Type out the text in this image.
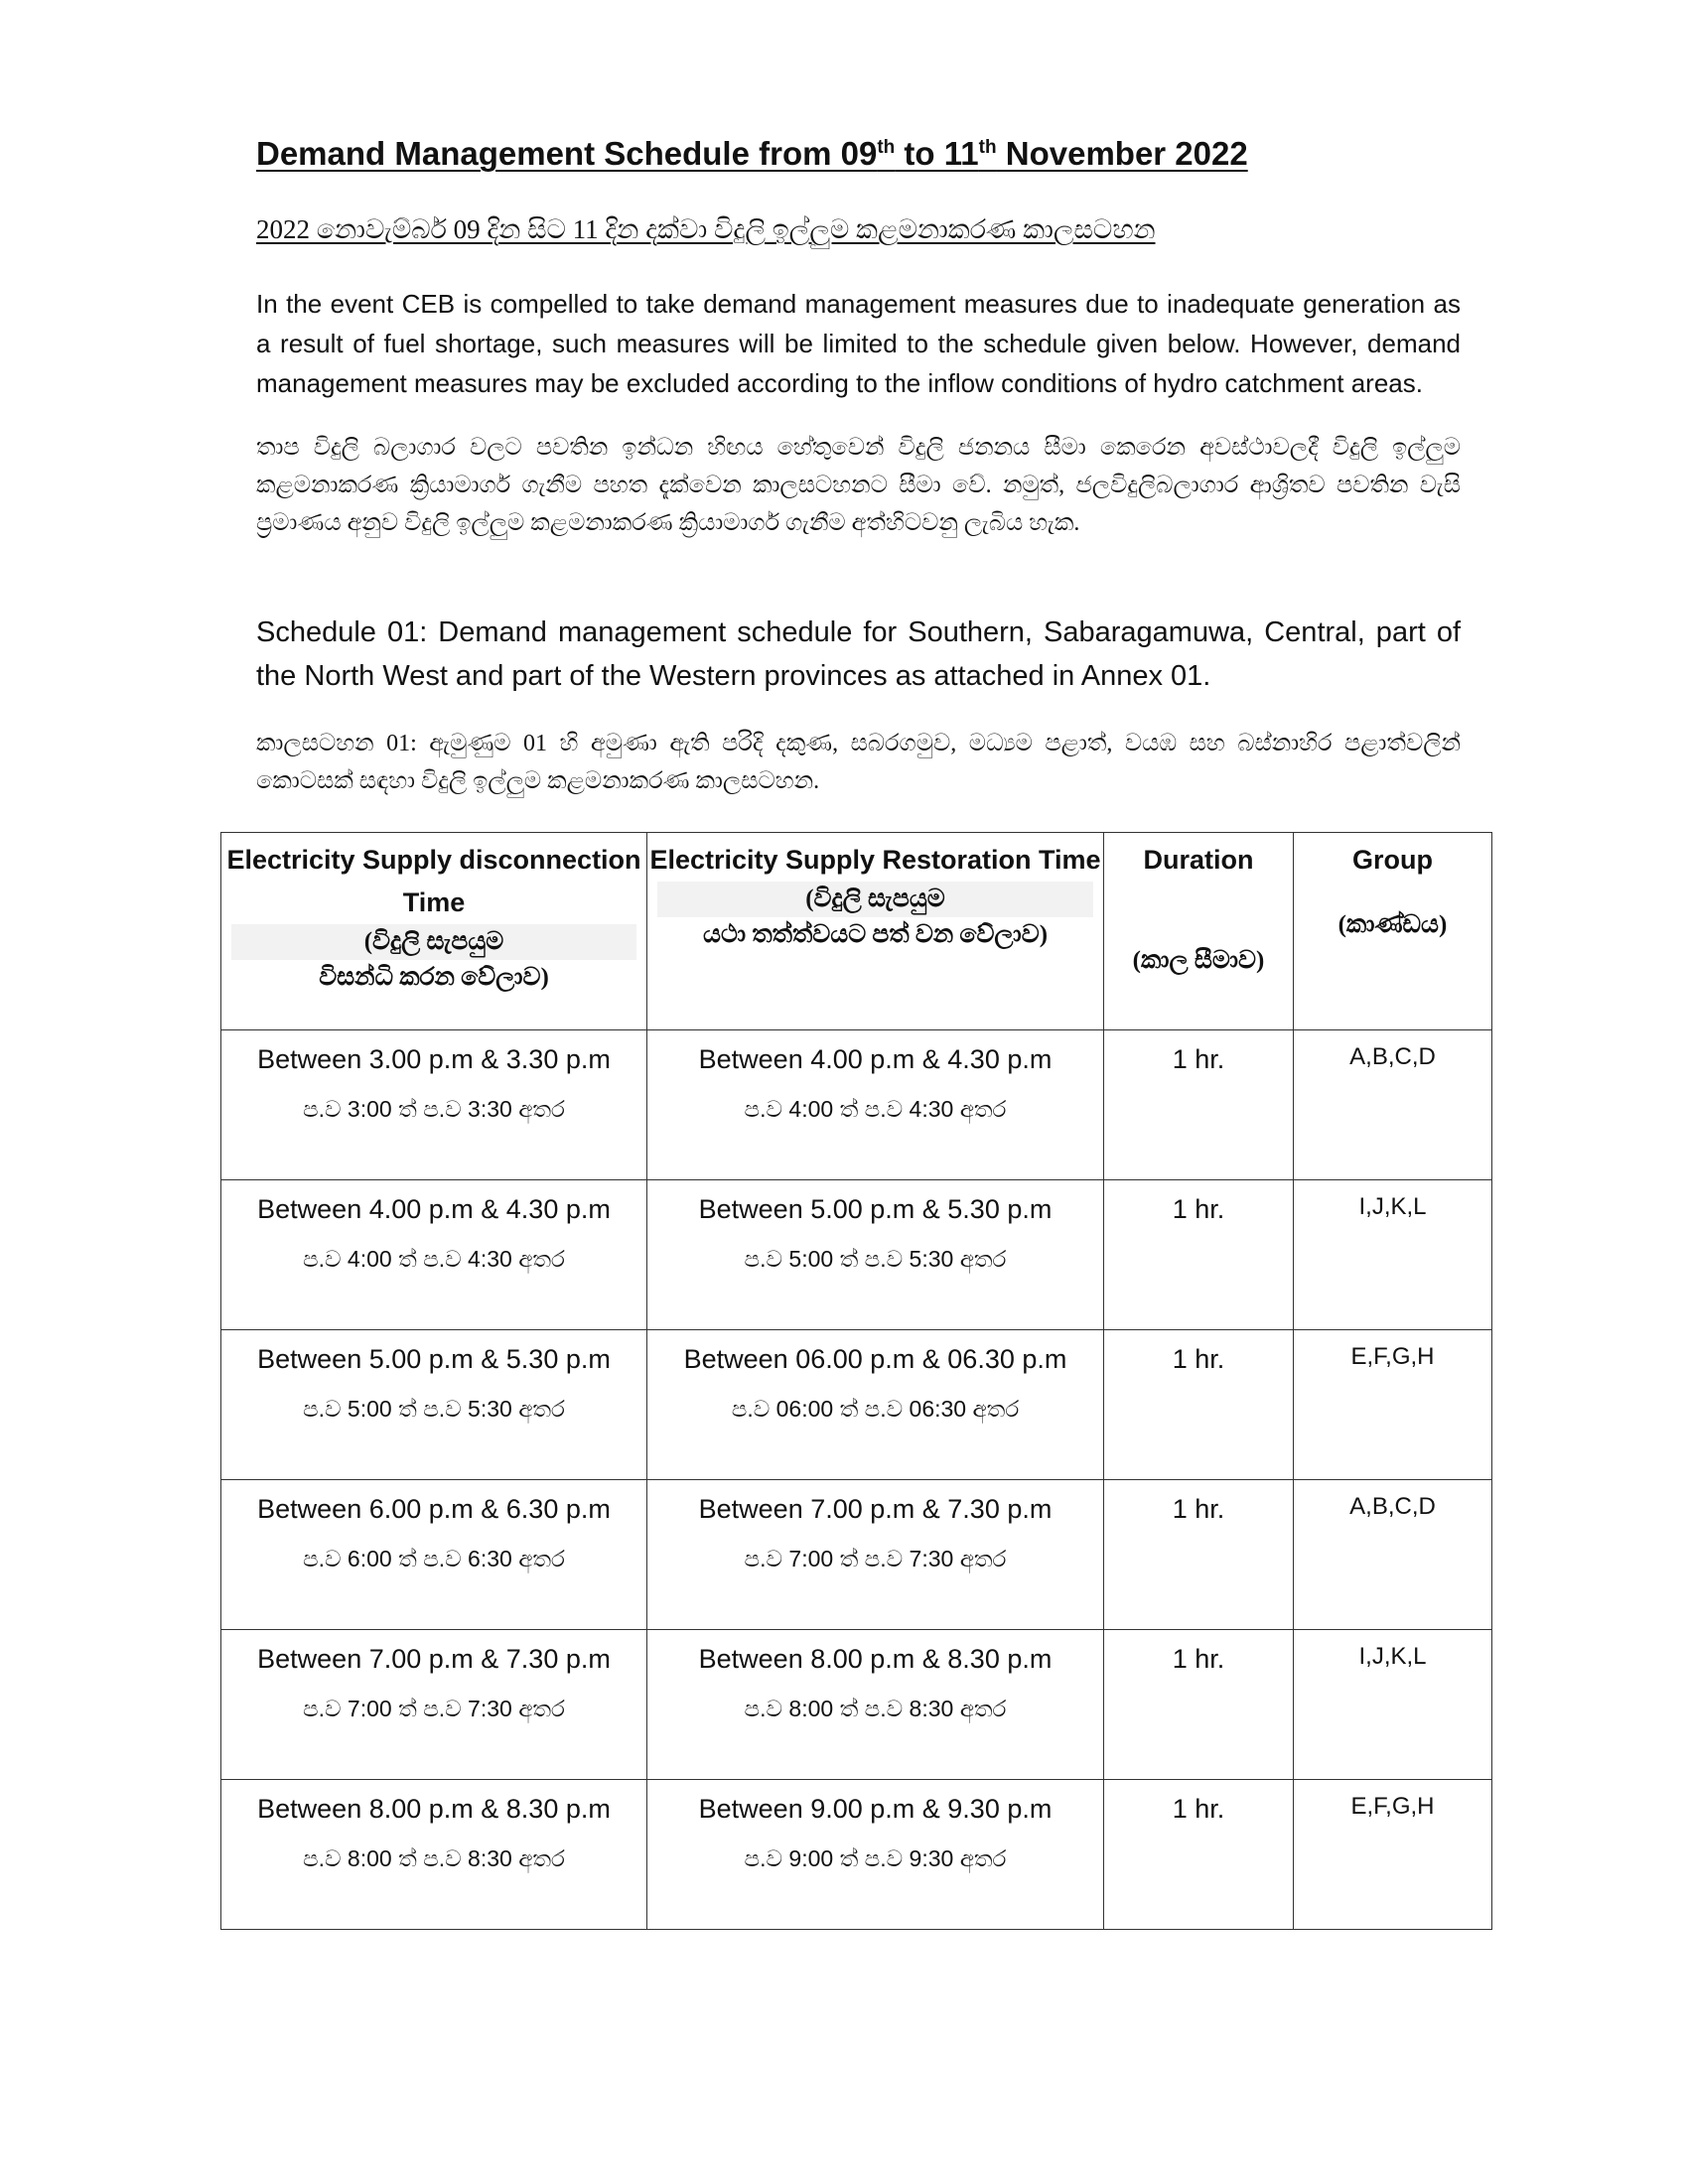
Demand Management Schedule from 09th to 11th November 2022
2022 නොවැම්බර් 09 දින සිට 11 දින දක්වා විදුලි ඉල්ලුම කළමනාකරණ කාලසටහන

In the event CEB is compelled to take demand management measures due to inadequate generation as a result of fuel shortage, such measures will be limited to the schedule given below. However, demand management measures may be excluded according to the inflow conditions of hydro catchment areas.

තාප විදුලි බලාගාර වලට පවතින ඉන්ධන හිඟය හේතුවෙන් විදුලි ජනනය සීමා කෙරෙන අවස්ථාවලදී විදුලි ඉල්ලුම කළමනාකරණ ක්‍රියාමාර්ග ගැනීම පහත දැක්වෙන කාලසටහනට සීමා වේ. නමුත්, ජලවිදුලිබලාගාර ආශ්‍රිතව පවතින වැසි ප්‍රමාණය අනුව විදුලි ඉල්ලුම කළමනාකරණ ක්‍රියාමාර්ග ගැනීම අත්හිටවනු ලැබිය හැක.

Schedule 01: Demand management schedule for Southern, Sabaragamuwa, Central, part of the North West and part of the Western provinces as attached in Annex 01.

කාලසටහන 01: ඇමුණුම 01 හි අමුණා ඇති පරිදි දකුණ, සබරගමුව, මධ්‍යම පළාත්, වයඹ සහ බස්නාහිර පළාත්වලින් කොටසක් සඳහා විදුලි ඉල්ලුම කළමනාකරණ කාලසටහන.

Electricity Supply disconnection Time
(විදුලි සැපයුම
විසන්ධි කරන වේලාව)	Electricity Supply Restoration Time
(විදුලි සැපයුම
යථා තත්ත්වයට පත් වන වේලාව)	Duration
(කාල සීමාව)	Group
(කාණ්ඩය)

Between 3.00 p.m & 3.30 p.m
ප.ව 3:00 ත් ප.ව 3:30 අතර	Between 4.00 p.m & 4.30 p.m
ප.ව 4:00 ත් ප.ව 4:30 අතර	1 hr.	A,B,C,D

Between 4.00 p.m & 4.30 p.m
ප.ව 4:00 ත් ප.ව 4:30 අතර	Between 5.00 p.m & 5.30 p.m
ප.ව 5:00 ත් ප.ව 5:30 අතර	1 hr.	I,J,K,L

Between 5.00 p.m & 5.30 p.m
ප.ව 5:00 ත් ප.ව 5:30 අතර	Between 06.00 p.m & 06.30 p.m
ප.ව 06:00 ත් ප.ව 06:30 අතර	1 hr.	E,F,G,H

Between 6.00 p.m & 6.30 p.m
ප.ව 6:00 ත් ප.ව 6:30 අතර	Between 7.00 p.m & 7.30 p.m
ප.ව 7:00 ත් ප.ව 7:30 අතර	1 hr.	A,B,C,D

Between 7.00 p.m & 7.30 p.m
ප.ව 7:00 ත් ප.ව 7:30 අතර	Between 8.00 p.m & 8.30 p.m
ප.ව 8:00 ත් ප.ව 8:30 අතර	1 hr.	I,J,K,L

Between 8.00 p.m & 8.30 p.m
ප.ව 8:00 ත් ප.ව 8:30 අතර	Between 9.00 p.m & 9.30 p.m
ප.ව 9:00 ත් ප.ව 9:30 අතර	1 hr.	E,F,G,H
